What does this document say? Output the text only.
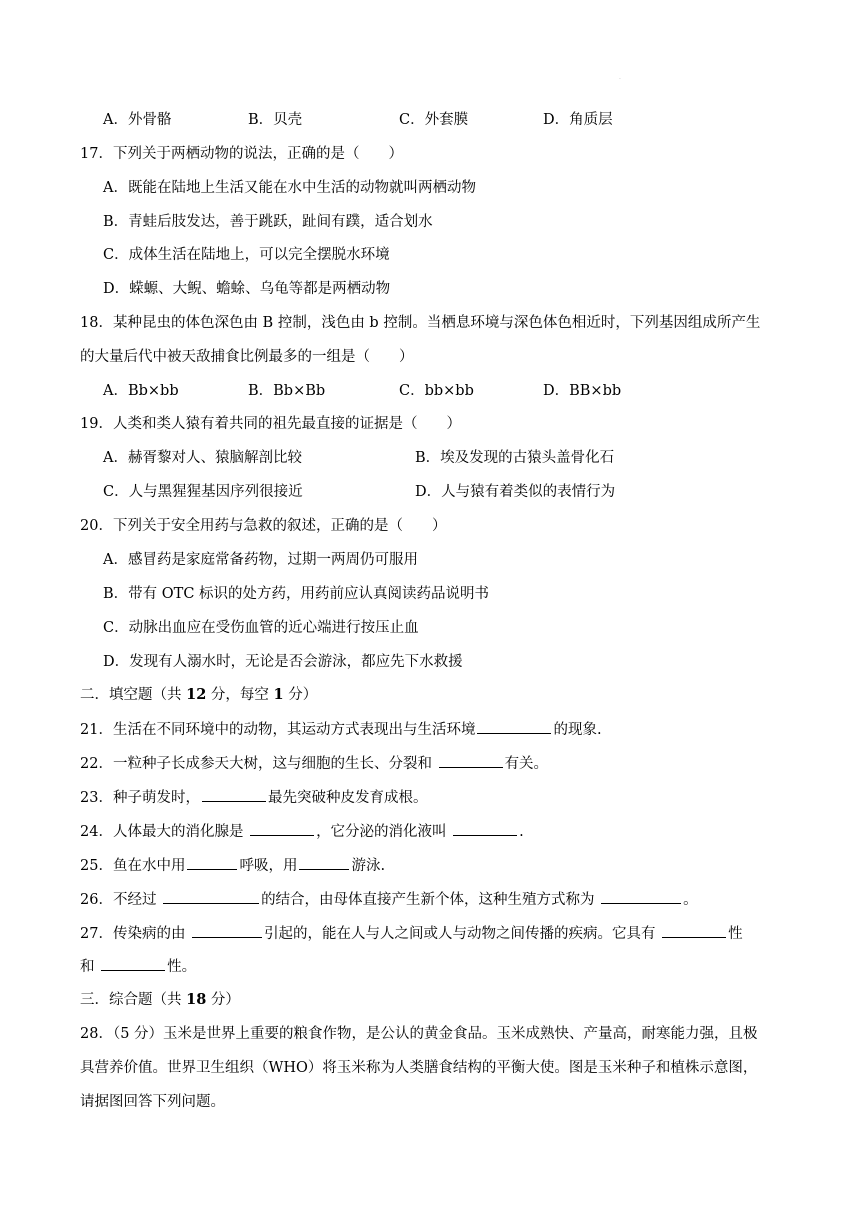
·
A．外骨骼	B．贝壳	C．外套膜	D．角质层
17．下列关于两栖动物的说法，正确的是（　　）
A．既能在陆地上生活又能在水中生活的动物就叫两栖动物
B．青蛙后肢发达，善于跳跃，趾间有蹼，适合划水
C．成体生活在陆地上，可以完全摆脱水环境
D．蝾螈、大鲵、蟾蜍、乌龟等都是两栖动物
18．某种昆虫的体色深色由 B 控制，浅色由 b 控制。当栖息环境与深色体色相近时，下列基因组成所产生
的大量后代中被天敌捕食比例最多的一组是（　　）
A．Bb×bb	B．Bb×Bb	C．bb×bb	D．BB×bb
19．人类和类人猿有着共同的祖先最直接的证据是（　　）
A．赫胥黎对人、猿脑解剖比较	B．埃及发现的古猿头盖骨化石
C．人与黑猩猩基因序列很接近	D．人与猿有着类似的表情行为
20．下列关于安全用药与急救的叙述，正确的是（　　）
A．感冒药是家庭常备药物，过期一两周仍可服用
B．带有 OTC 标识的处方药，用药前应认真阅读药品说明书
C．动脉出血应在受伤血管的近心端进行按压止血
D．发现有人溺水时，无论是否会游泳，都应先下水救援
二．填空题（共 12 分，每空 1 分）
21．生活在不同环境中的动物，其运动方式表现出与生活环境	的现象.
22．一粒种子长成参天大树，这与细胞的生长、分裂和	有关。
23．种子萌发时，	最先突破种皮发育成根。
24．人体最大的消化腺是	，它分泌的消化液叫	.
25．鱼在水中用	呼吸，用	游泳.
26．不经过	的结合，由母体直接产生新个体，这种生殖方式称为	。
27．传染病的由	引起的，能在人与人之间或人与动物之间传播的疾病。它具有	性
和	性。
三．综合题（共 18 分）
28．（5 分）玉米是世界上重要的粮食作物，是公认的黄金食品。玉米成熟快、产量高，耐寒能力强，且极
具营养价值。世界卫生组织（WHO）将玉米称为人类膳食结构的平衡大使。图是玉米种子和植株示意图，
请据图回答下列问题。
